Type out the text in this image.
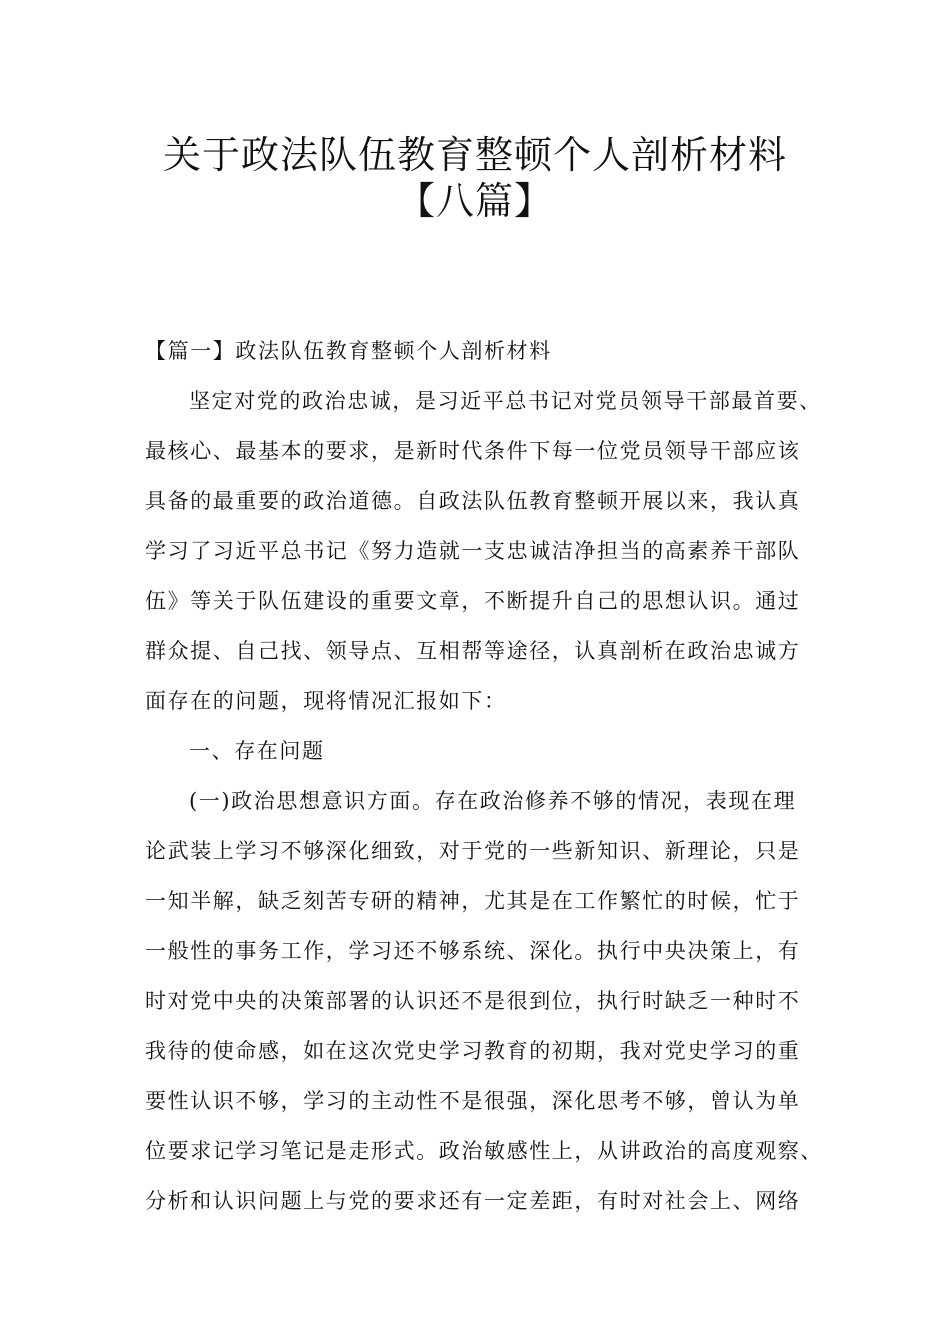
关于政法队伍教育整顿个人剖析材料
【八篇】
【篇一】政法队伍教育整顿个人剖析材料
坚定对党的政治忠诚，是习近平总书记对党员领导干部最首要、
最核心、最基本的要求，是新时代条件下每一位党员领导干部应该
具备的最重要的政治道德。自政法队伍教育整顿开展以来，我认真
学习了习近平总书记《努力造就一支忠诚洁净担当的高素养干部队
伍》等关于队伍建设的重要文章，不断提升自己的思想认识。通过
群众提、自己找、领导点、互相帮等途径，认真剖析在政治忠诚方
面存在的问题，现将情况汇报如下：
一、存在问题
(一)政治思想意识方面。存在政治修养不够的情况，表现在理
论武装上学习不够深化细致，对于党的一些新知识、新理论，只是
一知半解，缺乏刻苦专研的精神，尤其是在工作繁忙的时候，忙于
一般性的事务工作，学习还不够系统、深化。执行中央决策上，有
时对党中央的决策部署的认识还不是很到位，执行时缺乏一种时不
我待的使命感，如在这次党史学习教育的初期，我对党史学习的重
要性认识不够，学习的主动性不是很强，深化思考不够，曾认为单
位要求记学习笔记是走形式。政治敏感性上，从讲政治的高度观察、
分析和认识问题上与党的要求还有一定差距，有时对社会上、网络
